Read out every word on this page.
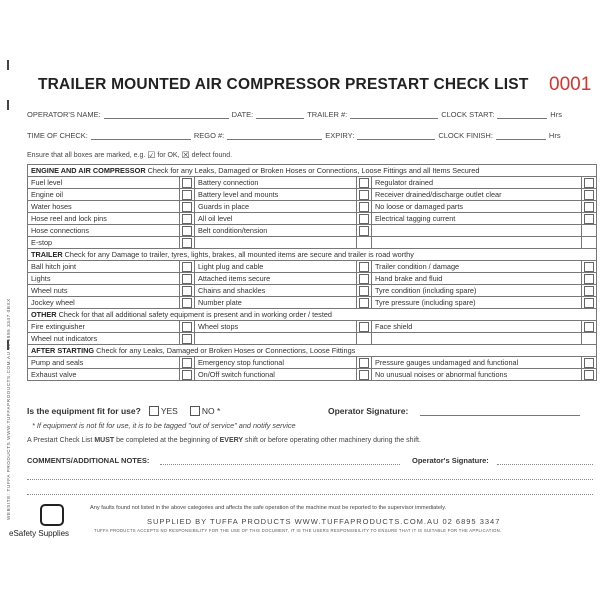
TRAILER MOUNTED AIR COMPRESSOR PRESTART CHECK LIST 0001
OPERATOR'S NAME:	DATE:	TRAILER #:	CLOCK START:	Hrs
TIME OF CHECK:	REGO #:	EXPIRY:	CLOCK FINISH:	Hrs
Ensure that all boxes are marked, e.g. ☑ for OK, ☒ defect found.
ENGINE AND AIR COMPRESSOR Check for any Leaks, Damaged or Broken Hoses or Connections, Loose Fittings and all Items Secured					
Fuel level		Battery connection		Regulator drained	
Engine oil		Battery level and mounts		Receiver drained/discharge outlet clear	
Water hoses		Guards in place		No loose or damaged parts	
Hose reel and lock pins		All oil level		Electrical tagging current	
Hose connections		Belt condition/tension			
E-stop					
TRAILER Check for any Damage to trailer, tyres, lights, brakes, all mounted items are secure and trailer is road worthy					
Ball hitch joint		Light plug and cable		Trailer condition / damage	
Lights		Attached items secure		Hand brake and fluid	
Wheel nuts		Chains and shackles		Tyre condition (including spare)	
Jockey wheel		Number plate		Tyre pressure (including spare)	
OTHER Check for that all additional safety equipment is present and in working order / tested					
Fire extinguisher		Wheel stops		Face shield	
Wheel nut indicators					
AFTER STARTING Check for any Leaks, Damaged or Broken Hoses or Connections, Loose Fittings					
Pump and seals		Emergency stop functional		Pressure gauges undamaged and functional	
Exhaust valve		On/Off switch functional		No unusual noises or abnormal functions	
Is the equipment fit for use? YES	NO *	Operator Signature:
* If equipment is not fit for use, it is to be tagged "out of service" and notify service
A Prestart Check List MUST be completed at the beginning of EVERY shift or before operating other machinery during the shift.
COMMENTS/ADDITIONAL NOTES:	Operator's Signature:
Any faults found not listed in the above categories and affects the safe operation of the machine must be reported to the supervisor immediately.
SUPPLIED BY TUFFA PRODUCTS WWW.TUFFAPRODUCTS.COM.AU 02 6895 3347
TUFFA PRODUCTS ACCEPTS NO RESPONSIBILITY FOR THE USE OF THIS DOCUMENT, IT IS THE USERS RESPONSIBILITY TO ENSURE THAT IT IS SUITABLE FOR THE APPLICATION.
WEBSITE: TUFFA PRODUCTS WWW.TUFFAPRODUCTS.COM.AU 02 6895 3347 0BXX
eSafety Supplies
